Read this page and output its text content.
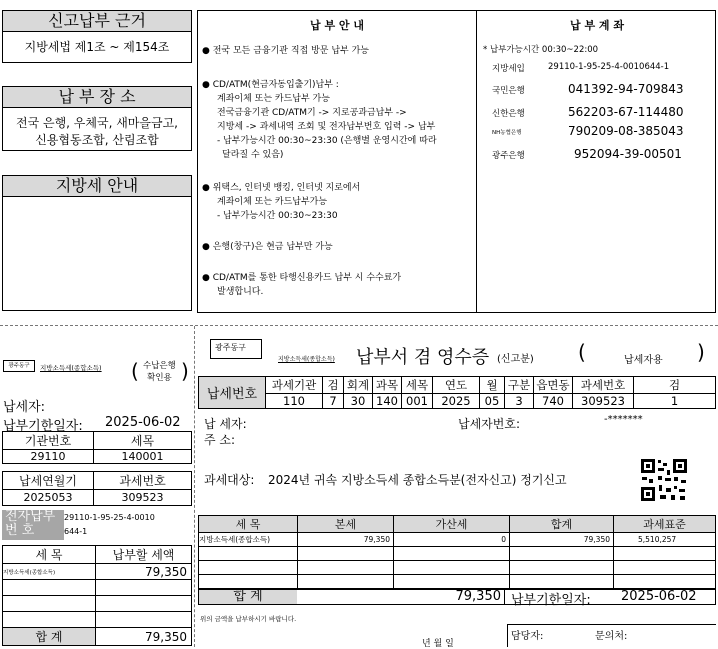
신고납부 근거
지방세법 제1조 ~ 제154조
납 부 장 소
전국 은행, 우체국, 새마을금고,
신용협동조합, 산림조합
지방세 안내
납 부 안 내
● 전국 모든 금융기관 직접 방문 납부 가능
● CD/ATM(현금자동입출기)납부 :
계좌이체 또는 카드납부 가능
전국금융기관 CD/ATM기 -> 지로공과금납부 ->
지방세 -> 과세내역 조회 및 전자납부번호 입력 -> 납부
- 납부가능시간 00:30~23:30 (은행별 운영시간에 따라
달라질 수 있음)
● 위택스, 인터넷 뱅킹, 인터넷 지로에서
계좌이체 또는 카드납부가능
- 납부가능시간 00:30~23:30
● 은행(창구)은 현금 납부만 가능
● CD/ATM를 통한 타행신용카드 납부 시 수수료가
발생합니다.
납 부 계 좌
* 납부가능시간 00:30~22:00
지방세입	29110-1-95-25-4-0010644-1
국민은행	041392-94-709843
신한은행	562203-67-114480
NH농협은행	790209-08-385043
광주은행	952094-39-00501
광주동구	지방소득세(종합소득) ( 수납은행
확인용 )
납세자:
납부기한일자: 2025-06-02
기관번호	세목
29110	140001

납세연월기	과세번호
2025053	309523
전자납부
번 호
29110-1-95-25-4-0010
644-1
세 목	납부할 세액
지방소득세(종합소득)	79,350

합 계	79,350
광주동구
지방소득세(종합소득) 납부서 겸 영수증 (신고분) (	납세자용 )
납세번호	과세기관	검	회계	과목	세목	연도	월	구분	읍면동	과세번호	검
	110	7	30	140	001	2025	05	3	740	309523	1
납 세자:
주 소:
납세자번호:	-*******
과세대상: 2024년 귀속 지방소득세 종합소득분(전자신고) 정기신고
세 목	본세	가산세	합계	과세표준
지방소득세(종합소득)	79,350	0	79,350	5,510,257

합 계	79,350 납부기한일자: 2025-06-02
위의 금액을 납부하시기 바랍니다.
년 월 일
담당자:	문의처:
